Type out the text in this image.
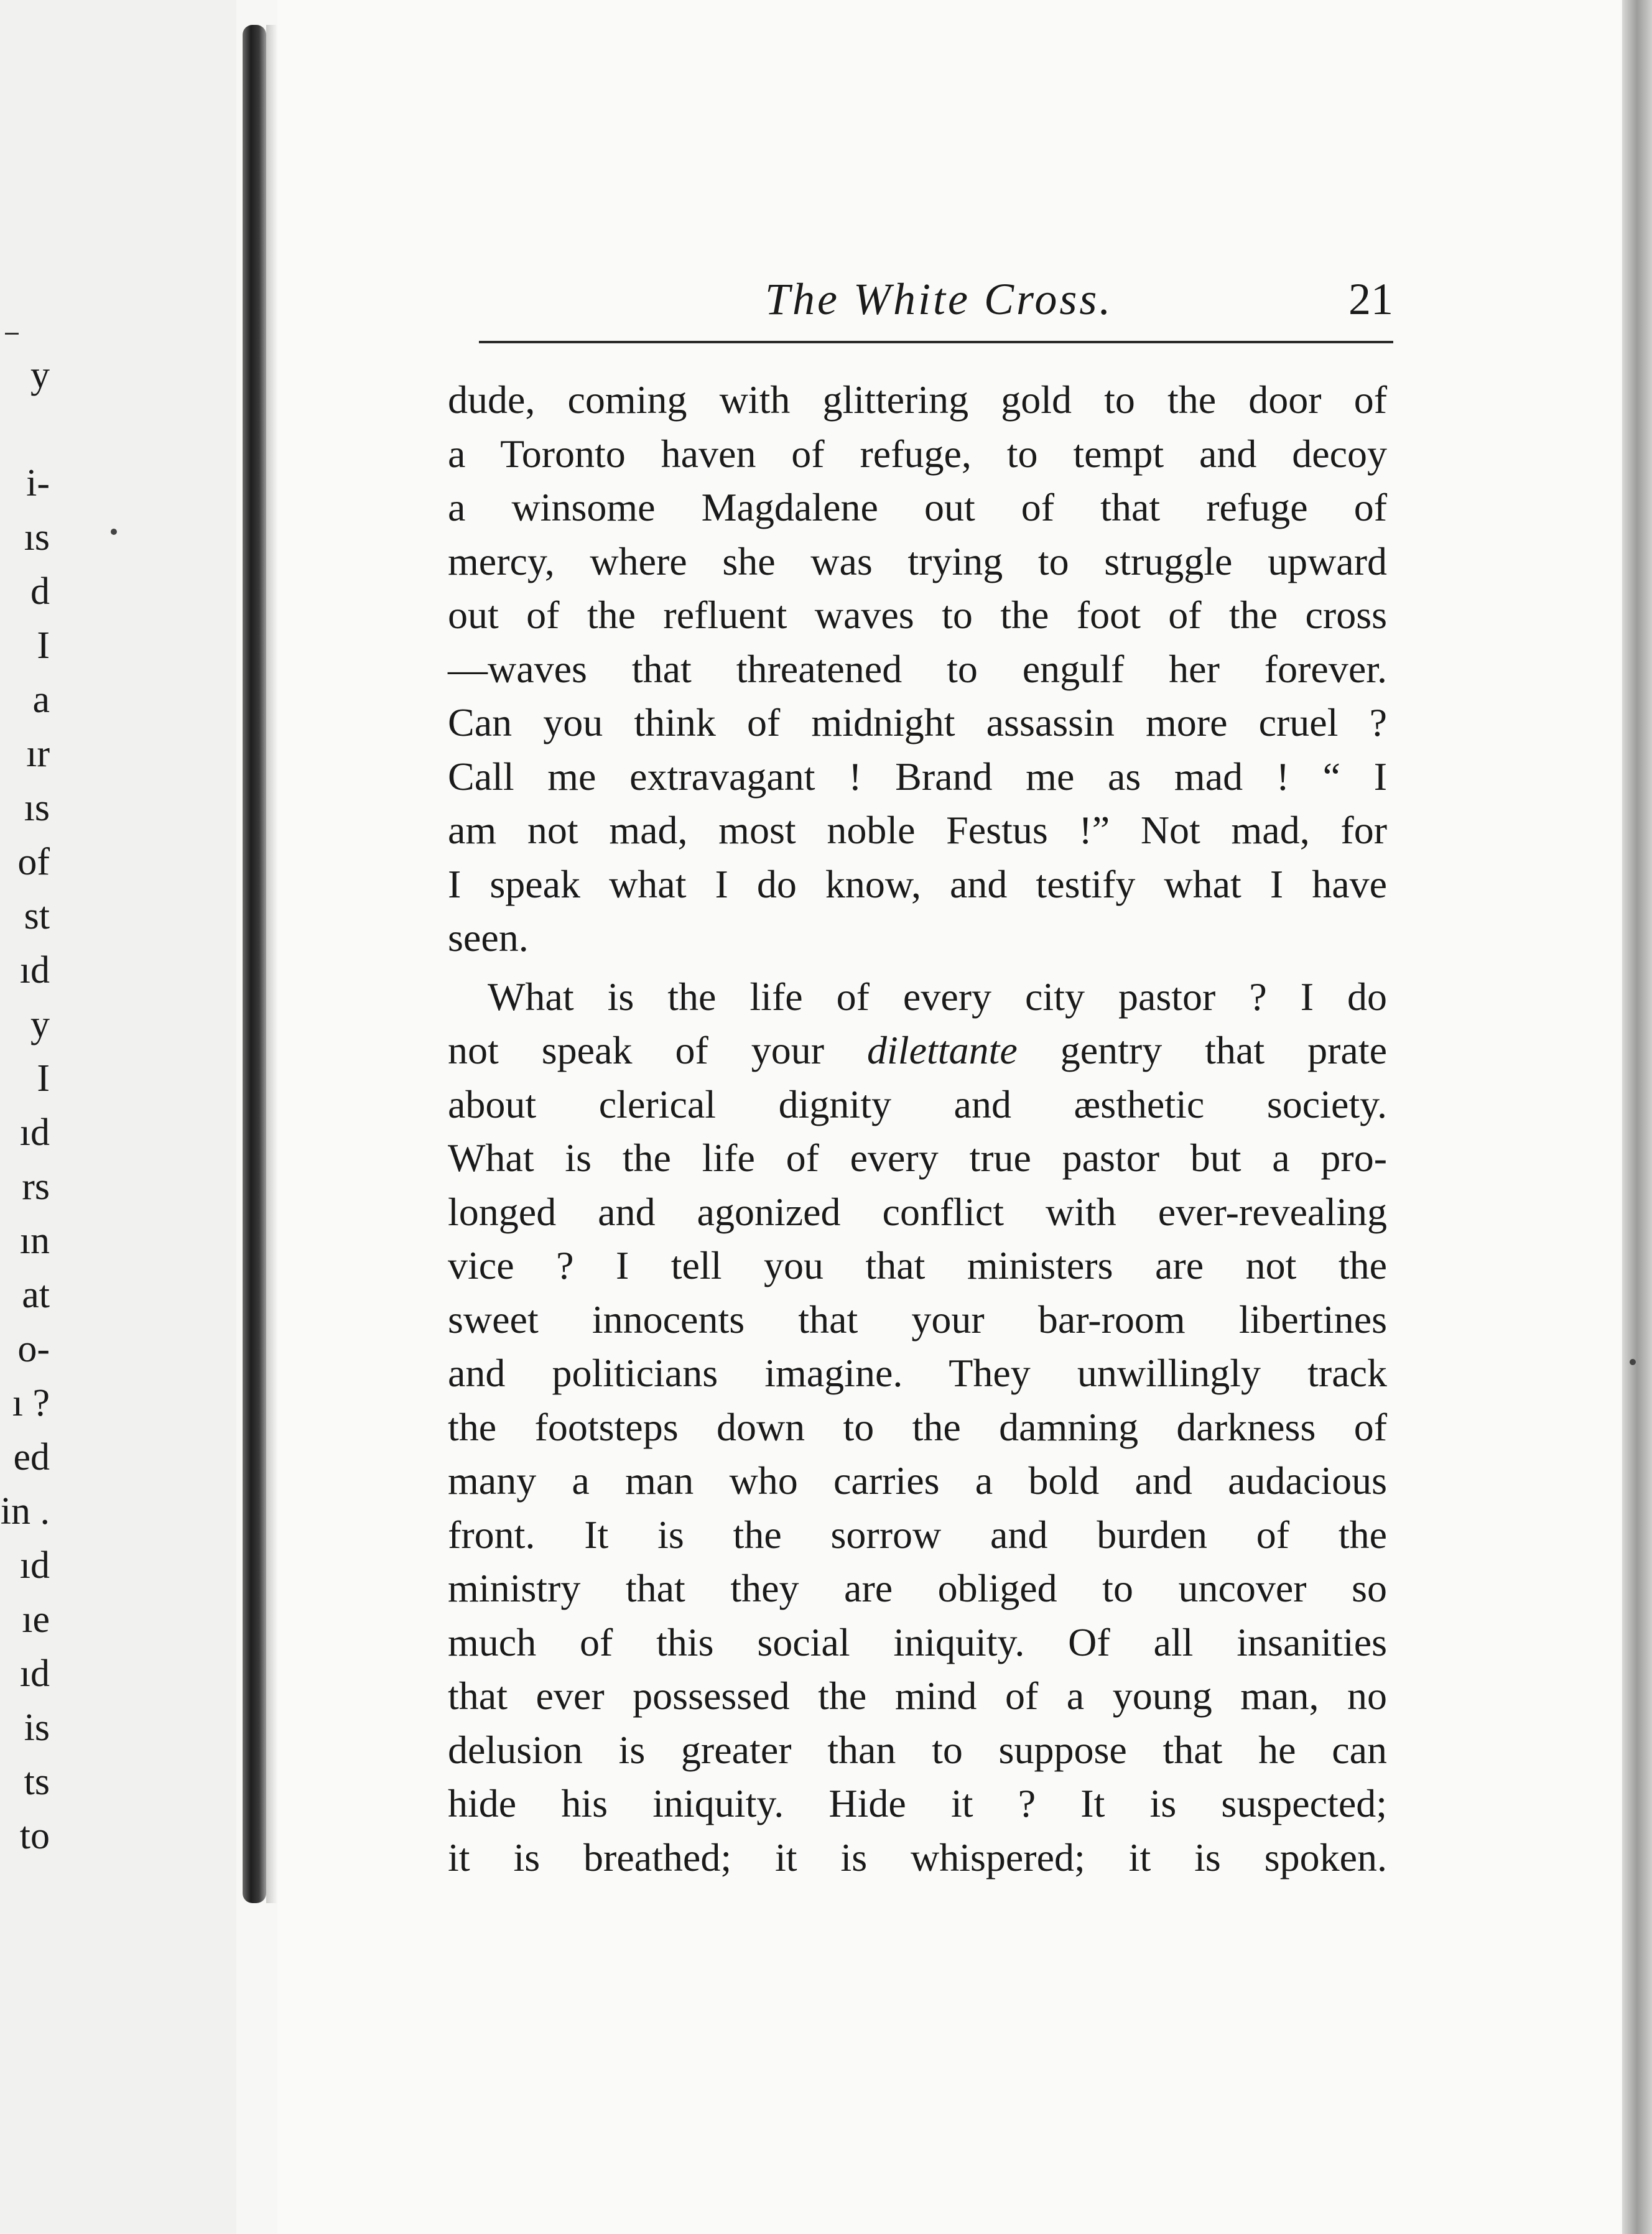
y

i-
ıs
d
I
a
ır
ıs
of
st
ıd
y
I
ıd
rs
ın
at
o-
ı ?
ed
in .
ıd
ıe
ıd
is
ts
to
The White Cross.	21

dude, coming with glittering gold to the door of
a Toronto haven of refuge, to tempt and decoy
a winsome Magdalene out of that refuge of
mercy, where she was trying to struggle upward
out of the refluent waves to the foot of the cross
—waves that threatened to engulf her forever.
Can you think of midnight assassin more cruel ?
Call me extravagant ! Brand me as mad ! “ I
am not mad, most noble Festus !” Not mad, for
I speak what I do know, and testify what I have
seen.

What is the life of every city pastor ? I do
not speak of your dilettante gentry that prate
about clerical dignity and æsthetic society.
What is the life of every true pastor but a pro-
longed and agonized conflict with ever-revealing
vice ? I tell you that ministers are not the
sweet innocents that your bar-room libertines
and politicians imagine. They unwillingly track
the footsteps down to the damning darkness of
many a man who carries a bold and audacious
front. It is the sorrow and burden of the
ministry that they are obliged to uncover so
much of this social iniquity. Of all insanities
that ever possessed the mind of a young man, no
delusion is greater than to suppose that he can
hide his iniquity. Hide it ? It is suspected;
it is breathed; it is whispered; it is spoken.
